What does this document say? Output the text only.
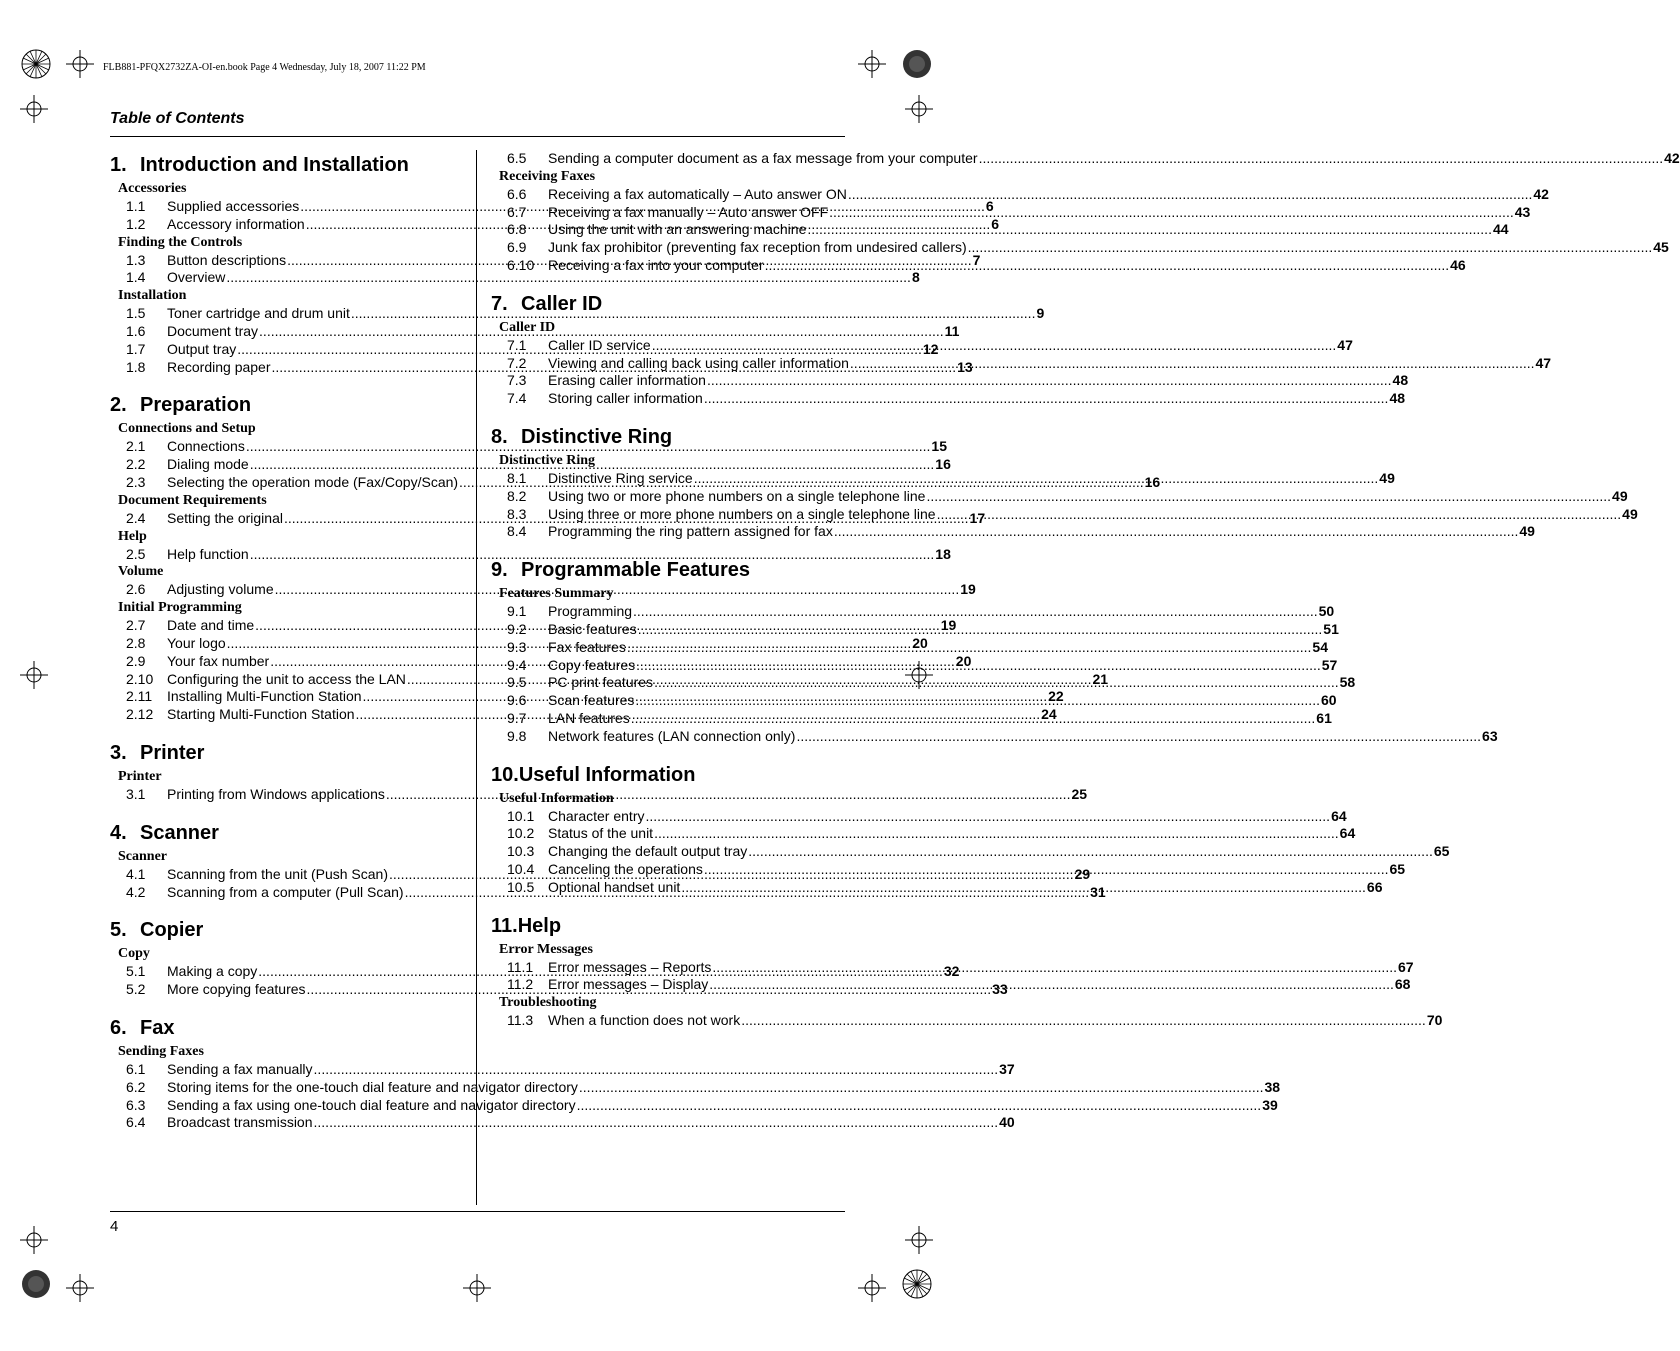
FLB881-PFQX2732ZA-OI-en.book Page 4 Wednesday, July 18, 2007 11:22 PM
Table of Contents
4
1. Introduction and Installation
Accessories
1.1	Supplied accessories .....	6
1.2	Accessory information .....	6
Finding the Controls
1.3	Button descriptions .....	7
1.4	Overview .....	8
Installation
1.5	Toner cartridge and drum unit .....	9
1.6	Document tray .....	11
1.7	Output tray .....	12
1.8	Recording paper .....	13
2. Preparation
Connections and Setup
2.1	Connections .....	15
2.2	Dialing mode .....	16
2.3	Selecting the operation mode (Fax/Copy/Scan) .....	16
Document Requirements
2.4	Setting the original .....	17
Help
2.5	Help function .....	18
Volume
2.6	Adjusting volume .....	19
Initial Programming
2.7	Date and time .....	19
2.8	Your logo .....	20
2.9	Your fax number .....	20
2.10 Configuring the unit to access the LAN .....	21
2.11	Installing Multi-Function Station .....	22
2.12 Starting Multi-Function Station .....	24
3. Printer
Printer
3.1	Printing from Windows applications .....	25
4. Scanner
Scanner
4.1	Scanning from the unit (Push Scan) .....	29
4.2	Scanning from a computer (Pull Scan) .....	31
5. Copier
Copy
5.1	Making a copy .....	32
5.2	More copying features .....	33
6. Fax
Sending Faxes
6.1	Sending a fax manually .....	37
6.2	Storing items for the one-touch dial feature and navigator directory .....	38
6.3	Sending a fax using one-touch dial feature and navigator directory .....	39
6.4	Broadcast transmission .....	40
6.5	Sending a computer document as a fax message from your computer .....	42
Receiving Faxes
6.6	Receiving a fax automatically – Auto answer ON .....	42
6.7	Receiving a fax manually – Auto answer OFF .....	43
6.8	Using the unit with an answering machine .....	44
6.9	Junk fax prohibitor (preventing fax reception from undesired callers) .....	45
6.10 Receiving a fax into your computer .....	46
7. Caller ID
Caller ID
7.1	Caller ID service .....	47
7.2	Viewing and calling back using caller information .....	47
7.3	Erasing caller information .....	48
7.4	Storing caller information .....	48
8. Distinctive Ring
Distinctive Ring
8.1	Distinctive Ring service .....	49
8.2	Using two or more phone numbers on a single telephone line .....	49
8.3	Using three or more phone numbers on a single telephone line .....	49
8.4	Programming the ring pattern assigned for fax .....	49
9. Programmable Features
Features Summary
9.1	Programming .....	50
9.2	Basic features .....	51
9.3	Fax features .....	54
9.4	Copy features .....	57
9.5	PC print features .....	58
9.6	Scan features .....	60
9.7	LAN features .....	61
9.8	Network features (LAN connection only) .....	63
10.Useful Information
Useful Information
10.1 Character entry .....	64
10.2 Status of the unit .....	64
10.3 Changing the default output tray .....	65
10.4 Canceling the operations .....	65
10.5 Optional handset unit .....	66
11.Help
Error Messages
11.1	Error messages – Reports .....	67
11.2	Error messages – Display .....	68
Troubleshooting
11.3	When a function does not work .....	70
